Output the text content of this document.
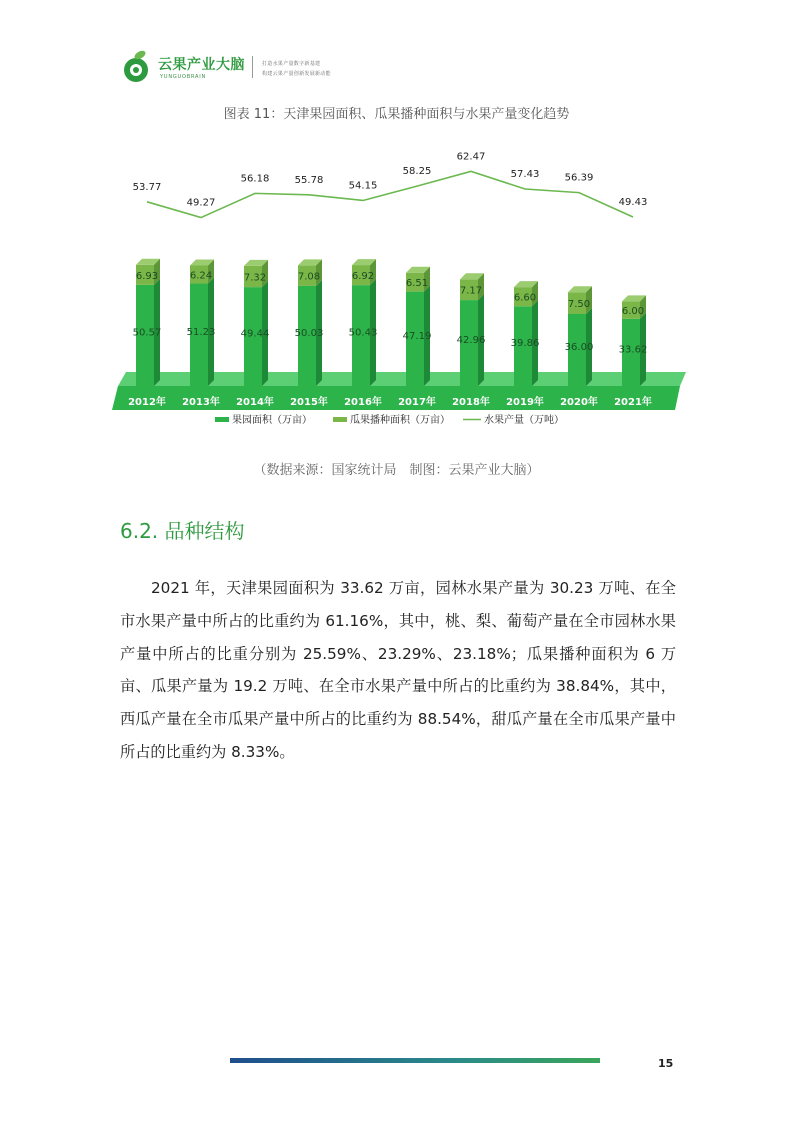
云果产业大脑
YUNGUOBRAIN
打造水果产量数字新基建
构建云果产量创新发展新动能
图表 11：天津果园面积、瓜果播种面积与水果产量变化趋势
50.57
6.93
2012年
51.23
6.24
2013年
49.44
7.32
2014年
50.03
7.08
2015年
50.43
6.92
2016年
47.19
6.51
2017年
42.96
7.17
2018年
39.86
6.60
2019年
36.00
7.50
2020年
33.62
6.00
2021年
53.77
49.27
56.18	55.78
54.15
58.25
62.47
57.43	56.39
49.43
果园面积（万亩）	瓜果播种面积（万亩）	水果产量（万吨）
（数据来源：国家统计局　制图：云果产业大脑）
6.2. 品种结构

2021 年，天津果园面积为 33.62 万亩，园林水果产量为 30.23 万吨、在全市水果产量中所占的比重约为 61.16%，其中，桃、梨、葡萄产量在全市园林水果产量中所占的比重分别为 25.59%、23.29%、23.18%；瓜果播种面积为 6 万亩、瓜果产量为 19.2 万吨、在全市水果产量中所占的比重约为 38.84%，其中，西瓜产量在全市瓜果产量中所占的比重约为 88.54%，甜瓜产量在全市瓜果产量中所占的比重约为 8.33%。

15
